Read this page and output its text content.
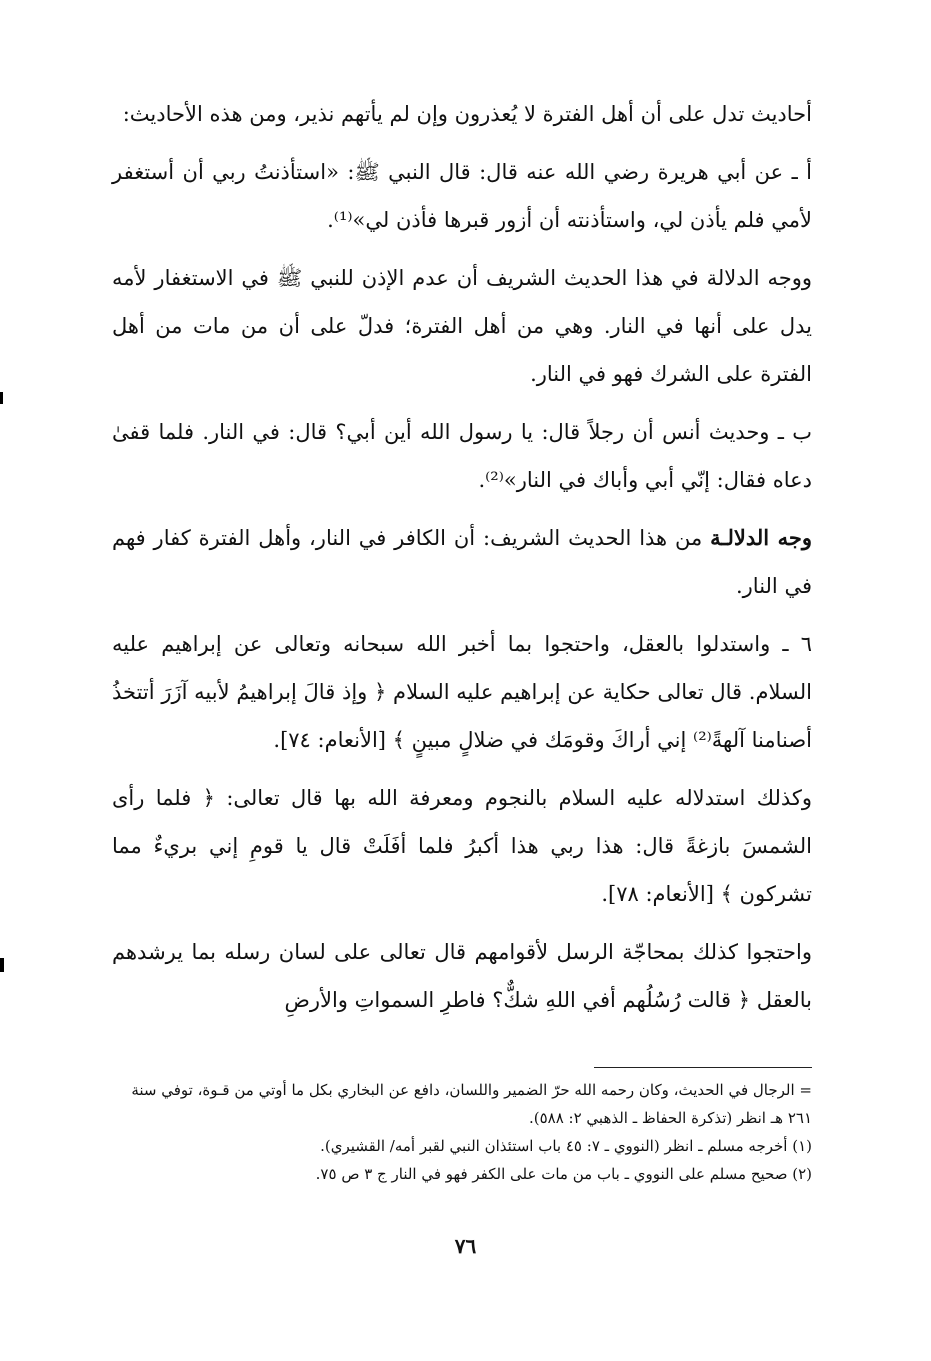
أحاديث تدل على أن أهل الفترة لا يُعذرون وإن لم يأتهم نذير، ومن هذه الأحاديث:

أ ـ عن أبي هريرة رضي الله عنه قال: قال النبي ﷺ: «استأذنتُ ربي أن أستغفر لأمي فلم يأذن لي، واستأذنته أن أزور قبرها فأذن لي»⁽¹⁾.

ووجه الدلالة في هذا الحديث الشريف أن عدم الإذن للنبي ﷺ في الاستغفار لأمه يدل على أنها في النار. وهي من أهل الفترة؛ فدلّ على أن من مات من أهل الفترة على الشرك فهو في النار.

ب ـ وحديث أنس أن رجلاً قال: يا رسول الله أين أبي؟ قال: في النار. فلما قفىٰ دعاه فقال: إنّي أبي وأباك في النار»⁽²⁾.

وجه الدلالـة من هذا الحديث الشريف: أن الكافر في النار، وأهل الفترة كفار فهم في النار.

٦ ـ واستدلوا بالعقل، واحتجوا بما أخبر الله سبحانه وتعالى عن إبراهيم عليه السلام. قال تعالى حكاية عن إبراهيم عليه السلام ﴿ وإذ قالَ إبراهيمُ لأبيه آزَرَ أتتخذُ أصنامنا آلهةً⁽²⁾ إني أراكَ وقومَك في ضلالٍ مبينٍ ﴾ [الأنعام: ٧٤].

وكذلك استدلاله عليه السلام بالنجوم ومعرفة الله بها قال تعالى: ﴿ فلما رأى الشمسَ بازغةً قال: هذا ربي هذا أكبرُ فلما أفَلَتْ قال يا قومِ إني بريءٌ مما تشركون ﴾ [الأنعام: ٧٨].

واحتجوا كذلك بمحاجّة الرسل لأقوامهم قال تعالى على لسان رسله بما يرشدهم بالعقل ﴿ قالت رُسُلُهم أفي اللهِ شكٌّ؟ فاطرِ السمواتِ والأرضِ

= الرجال في الحديث، وكان رحمه الله حرّ الضمير واللسان، دافع عن البخاري بكل ما أوتي من قـوة، توفي سنة ٢٦١ هـ انظر (تذكرة الحفاظ ـ الذهبي ٢: ٥٨٨).

(١) أخرجه مسلم ـ انظر (النووي ـ ٧: ٤٥ باب استئذان النبي لقبر أمه/ القشيري).

(٢) صحيح مسلم على النووي ـ باب من مات على الكفر فهو في النار ج ٣ ص ٧٥.

٧٦
